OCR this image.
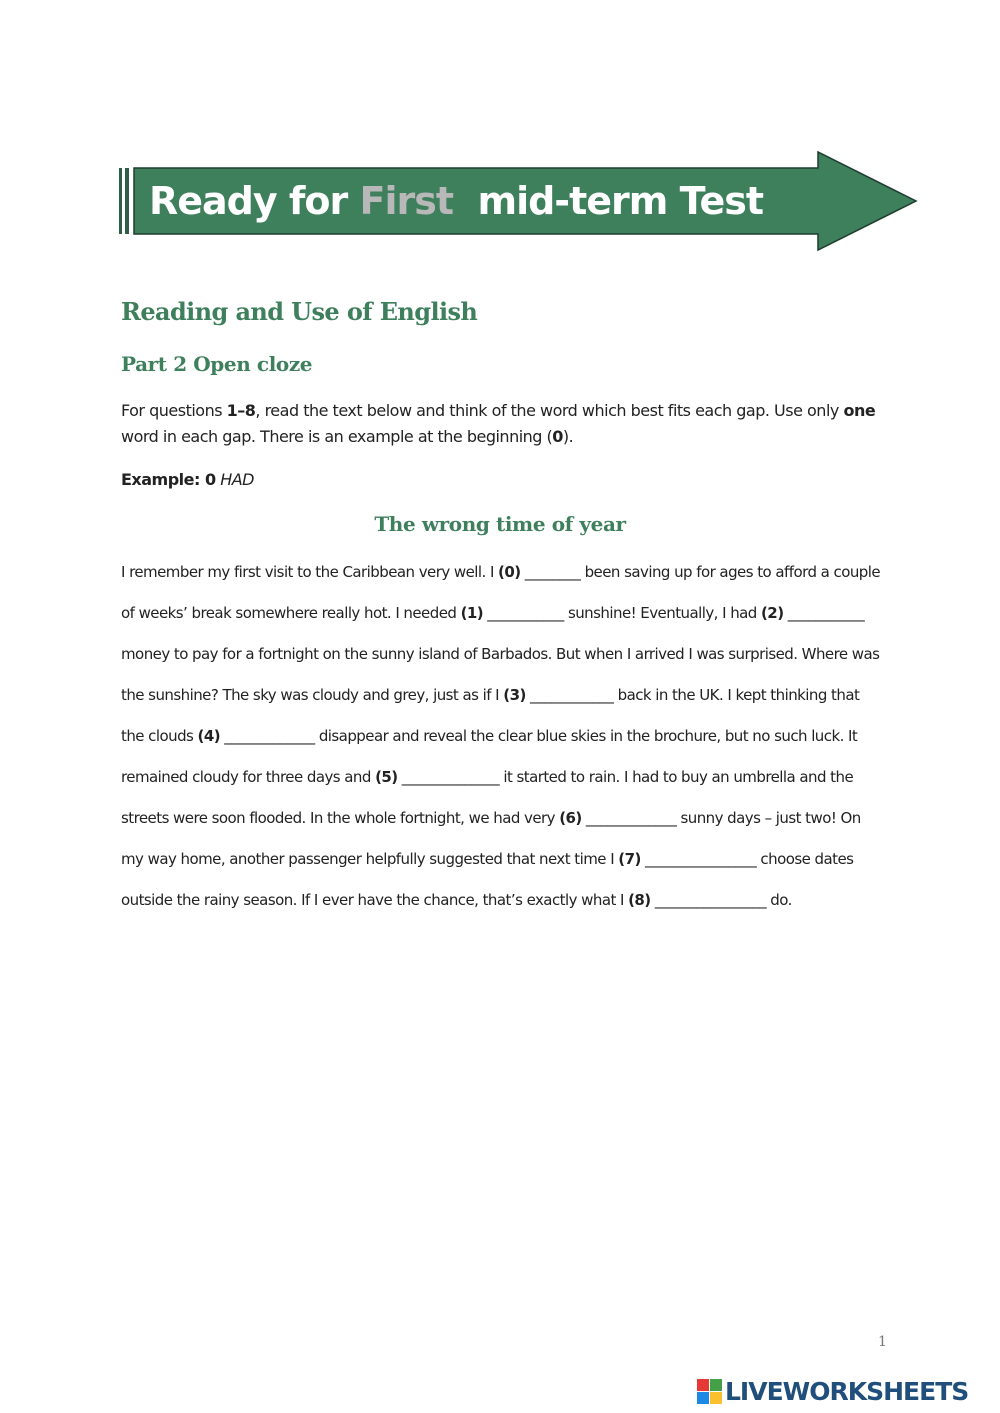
Ready for First  mid-term Test
Reading and Use of English
Part 2 Open cloze
For questions 1–8, read the text below and think of the word which best fits each gap. Use only one word in each gap. There is an example at the beginning (0).
Example: 0 HAD
The wrong time of year
I remember my first visit to the Caribbean very well. I (0) ________ been saving up for ages to afford a couple
of weeks’ break somewhere really hot. I needed (1) ___________ sunshine! Eventually, I had (2) ___________
money to pay for a fortnight on the sunny island of Barbados. But when I arrived I was surprised. Where was
the sunshine? The sky was cloudy and grey, just as if I (3) ____________ back in the UK. I kept thinking that
the clouds (4) _____________ disappear and reveal the clear blue skies in the brochure, but no such luck. It
remained cloudy for three days and (5) ______________ it started to rain. I had to buy an umbrella and the
streets were soon flooded. In the whole fortnight, we had very (6) _____________ sunny days – just two! On
my way home, another passenger helpfully suggested that next time I (7) ________________ choose dates
outside the rainy season. If I ever have the chance, that’s exactly what I (8) ________________ do.
1
LIVEWORKSHEETS
